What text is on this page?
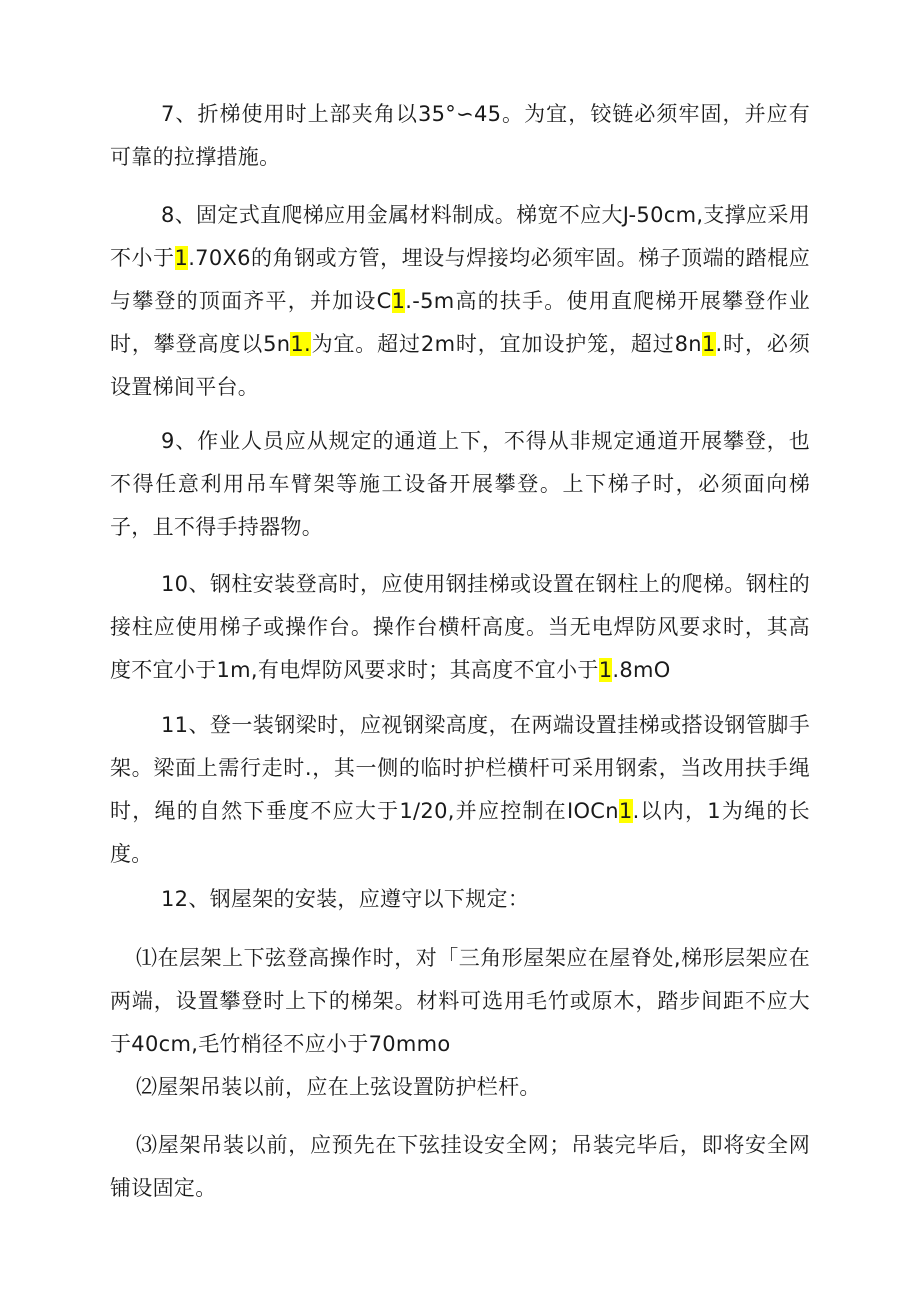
7、折梯使用时上部夹角以35°∽45。为宜，铰链必须牢固，并应有可靠的拉撑措施。

8、固定式直爬梯应用金属材料制成。梯宽不应大J-50cm,支撑应采用不小于1.70X6的角钢或方管，埋设与焊接均必须牢固。梯子顶端的踏棍应与攀登的顶面齐平，并加设C1.-5m高的扶手。使用直爬梯开展攀登作业时，攀登高度以5n1.为宜。超过2m时，宜加设护笼，超过8n1.时，必须设置梯间平台。

9、作业人员应从规定的通道上下，不得从非规定通道开展攀登，也不得任意利用吊车臂架等施工设备开展攀登。上下梯子时，必须面向梯子，且不得手持器物。

10、钢柱安装登高时，应使用钢挂梯或设置在钢柱上的爬梯。钢柱的接柱应使用梯子或操作台。操作台横杆高度。当无电焊防风要求时，其高度不宜小于1m,有电焊防风要求时；其高度不宜小于1.8mO

11、登一装钢梁时，应视钢梁高度，在两端设置挂梯或搭设钢管脚手架。梁面上需行走时.，其一侧的临时护栏横杆可采用钢索，当改用扶手绳时，绳的自然下垂度不应大于1/20,并应控制在IOCn1.以内，1为绳的长度。

12、钢屋架的安装，应遵守以下规定：

⑴在层架上下弦登高操作时，对「三角形屋架应在屋脊处,梯形层架应在两端，设置攀登时上下的梯架。材料可选用毛竹或原木，踏步间距不应大于40cm,毛竹梢径不应小于70mmo

⑵屋架吊装以前，应在上弦设置防护栏杆。

⑶屋架吊装以前，应预先在下弦挂设安全网；吊装完毕后，即将安全网铺设固定。
